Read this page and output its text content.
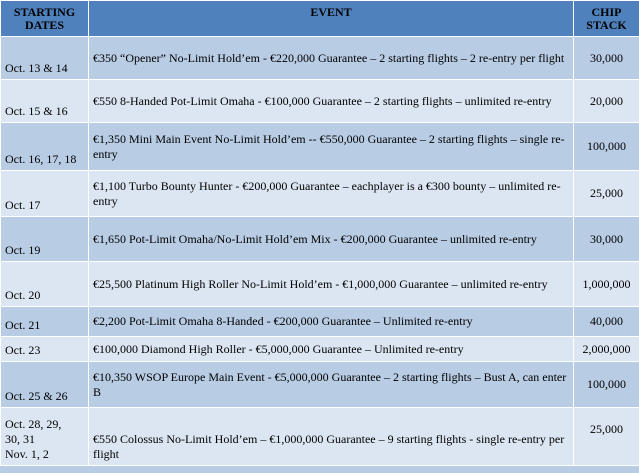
STARTING
DATES	EVENT	CHIP
STACK
Oct. 13 & 14	€350 “Opener” No-Limit Hold’em - €220,000 Guarantee – 2 starting flights – 2 re-entry per flight	30,000
Oct. 15 & 16	€550 8-Handed Pot-Limit Omaha - €100,000 Guarantee – 2 starting flights – unlimited re-entry	20,000
Oct. 16, 17, 18	€1,350 Mini Main Event No-Limit Hold’em -- €550,000 Guarantee – 2 starting flights – single re-entry	100,000
Oct. 17	€1,100 Turbo Bounty Hunter - €200,000 Guarantee – eachplayer is a €300 bounty – unlimited re-entry	25,000
Oct. 19	€1,650 Pot-Limit Omaha/No-Limit Hold’em Mix - €200,000 Guarantee – unlimited re-entry	30,000
Oct. 20	€25,500 Platinum High Roller No-Limit Hold’em - €1,000,000 Guarantee – unlimited re-entry	1,000,000
Oct. 21	€2,200 Pot-Limit Omaha 8-Handed - €200,000 Guarantee – Unlimited re-entry	40,000
Oct. 23	€100,000 Diamond High Roller - €5,000,000 Guarantee – Unlimited re-entry	2,000,000
Oct. 25 & 26	€10,350 WSOP Europe Main Event - €5,000,000 Guarantee – 2 starting flights – Bust A, can enter B	100,000
Oct. 28, 29,
30, 31
Nov. 1, 2	€550 Colossus No-Limit Hold’em – €1,000,000 Guarantee – 9 starting flights - single re-entry per flight	25,000
